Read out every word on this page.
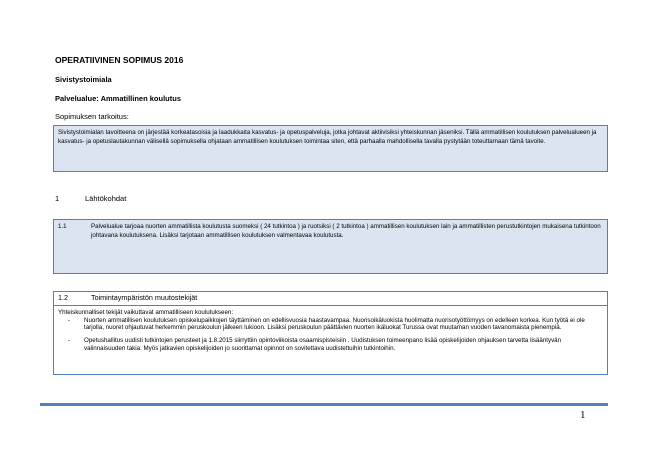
OPERATIIVINEN SOPIMUS 2016
Sivistystoimiala
Palvelualue: Ammatillinen koulutus
Sopimuksen tarkoitus:
Sivistystoimialan tavoitteena on järjestää korkeatasoisia ja laadukkaita kasvatus- ja opetuspalveluja, jotka johtavat aktiivisiksi yhteiskunnan jäseniksi. Tällä ammatillisen koulutuksen palvelualueen ja kasvatus- ja opetuslautakunnan välisellä sopimuksella ohjataan ammatillisen koulutuksen toimintaa siten, että parhaalla mahdollisella tavalla pystytään toteuttamaan tämä tavoite.
1	Lähtökohdat
1.1	Palvelualue tarjoaa nuorten ammatillista koulutusta suomeksi ( 24 tutkintoa ) ja ruotsiksi ( 2 tutkintoa ) ammatillisen koulutuksen lain ja ammatillisten perustutkintojen mukaisena tutkintoon johtavana koulutuksena. Lisäksi tarjotaan ammatillisen koulutuksen valmentavaa koulutusta.
1.2	Toimintaympäristön muutostekijät
Yhteiskunnalliset tekijät vaikuttavat ammatilliseen koulutukseen:
-	Nuorten ammatillisen koulutuksen opiskelupaikkojen täyttäminen on edellisvuosia haastavampaa. Nuorisoikäluokista huolimatta nuorisotyöttömyys on edelleen korkea. Kun työtä ei ole tarjolla, nuoret ohjautuvat herkemmin peruskoulun jälkeen lukioon. Lisäksi peruskoulun päättävien nuorten ikäluokat Turussa ovat muutaman vuoden tavanomaista pienempiä.
-	Opetushallitus uudisti tutkintojen perusteet ja 1.8.2015 siirryttiin opintoviikoista osaamispisteisiin . Uudistuksen toimeenpano lisää opiskelijoiden ohjauksen tarvetta lisääntyvän valinnaisuuden takia. Myös jatkavien opiskelijoiden jo suorittamat opinnot on sovitettava uudistettuihin tutkintoihin.
1
